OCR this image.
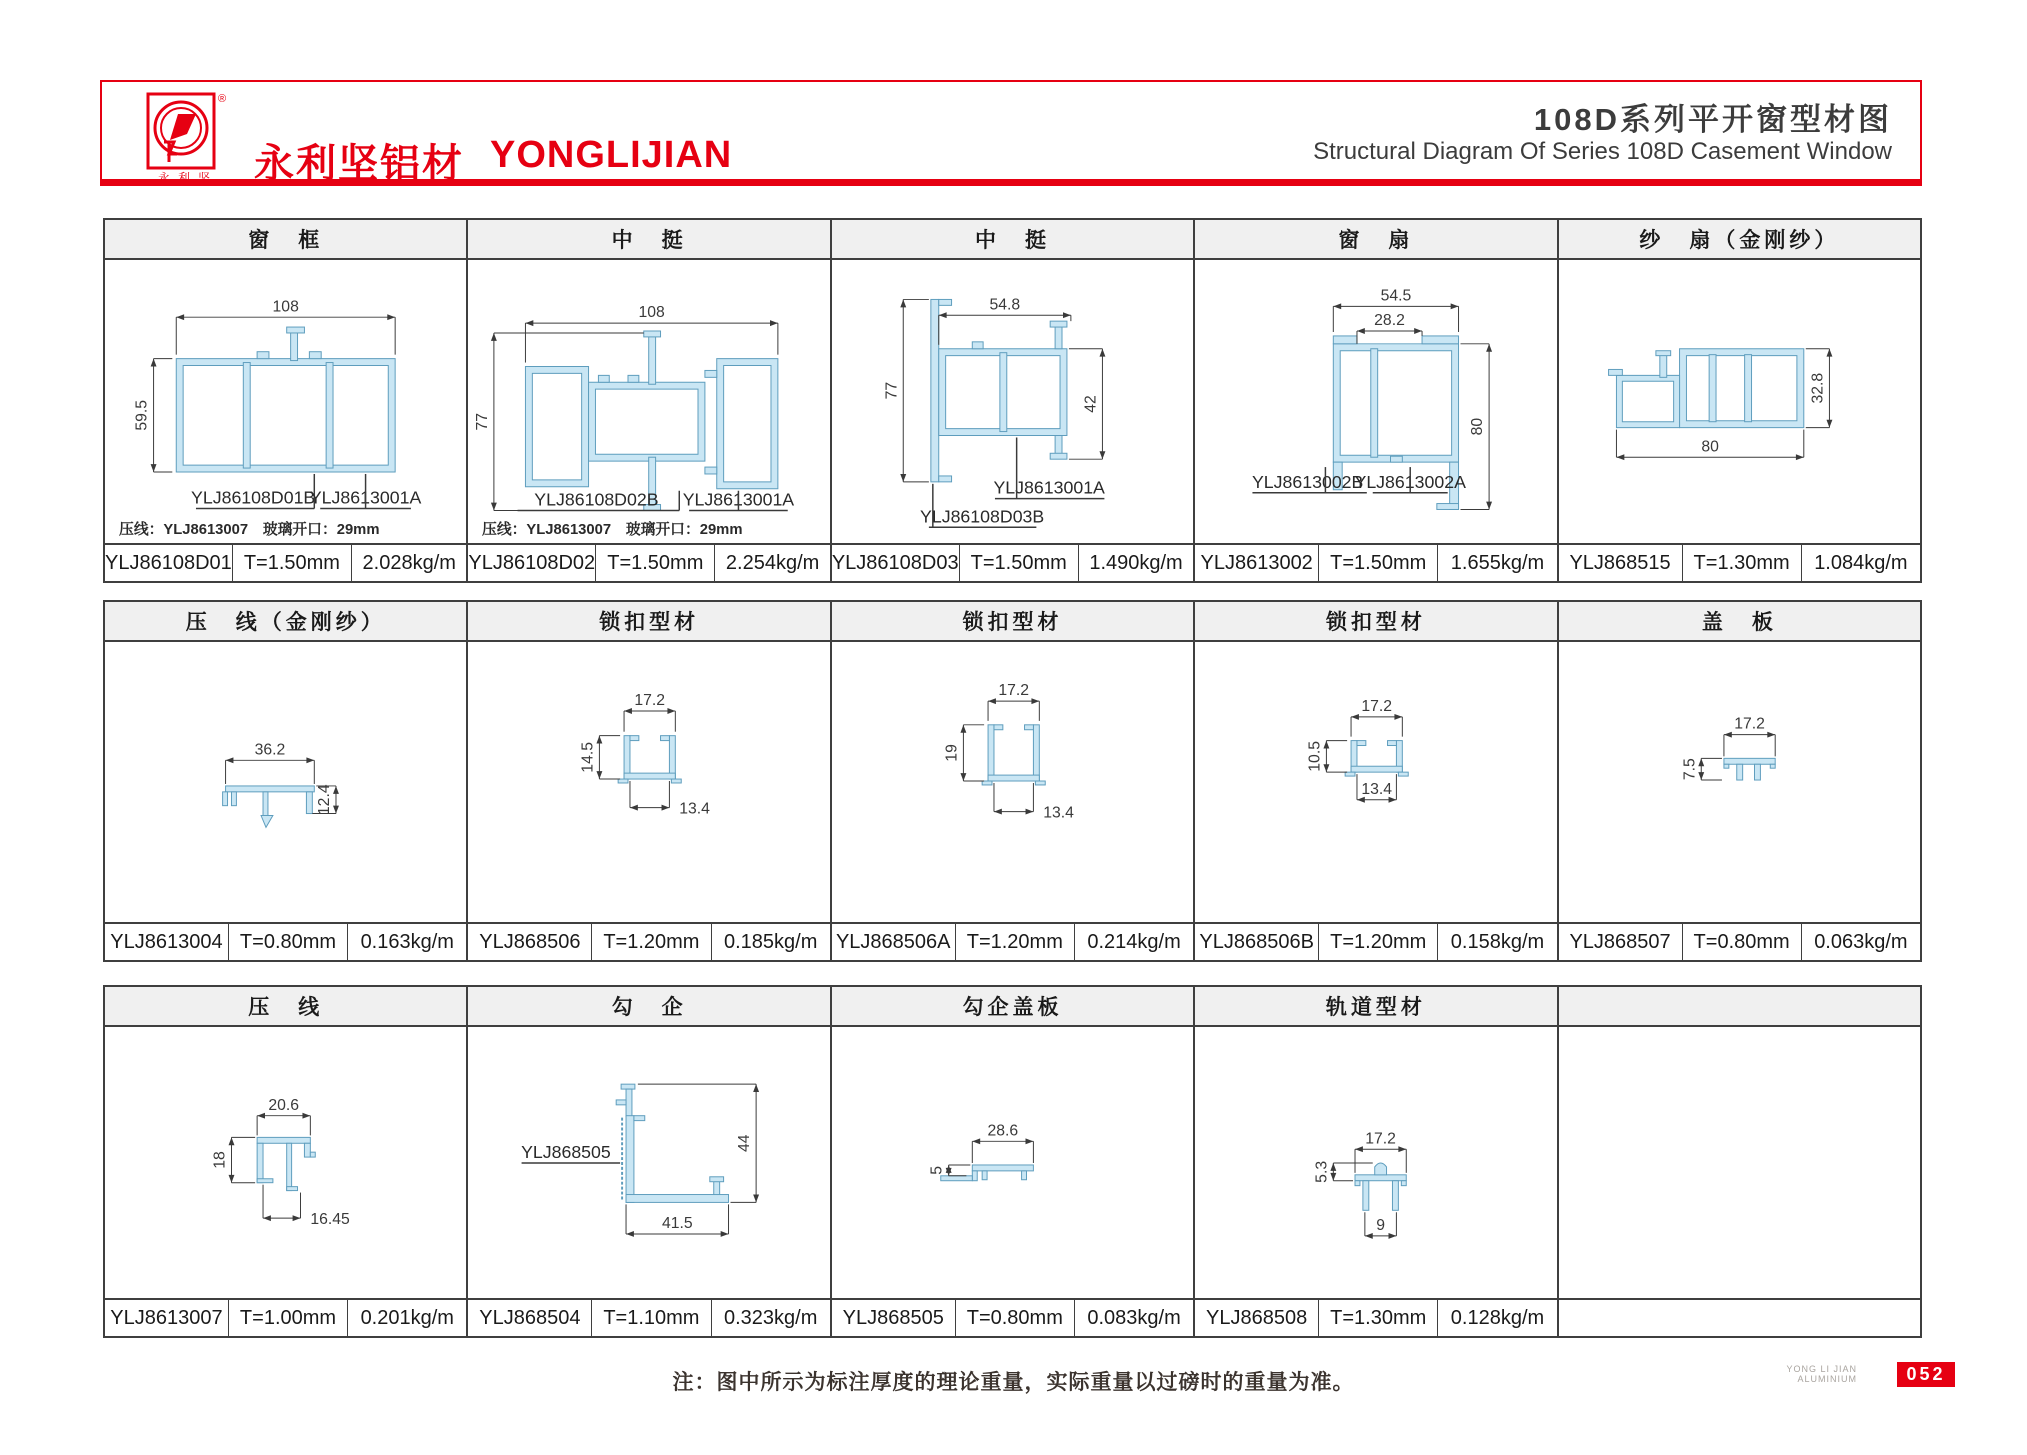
®
永利坚 永利坚铝材 YONGLIJIAN
108D系列平开窗型材图
Structural Diagram Of Series 108D Casement Window
窗　框
108
59.5
YLJ86108D01B
YLJ8613001A
压线：YLJ8613007　玻璃开口：29mm
YLJ86108D01 T=1.50mm	2.028kg/m
中　挺
108
77
YLJ86108D02B YLJ8613001A
压线：YLJ8613007　玻璃开口：29mm
YLJ86108D02 T=1.50mm	2.254kg/m
中　挺
54.8
77
42
YLJ8613001A
YLJ86108D03B
YLJ86108D03 T=1.50mm	1.490kg/m
窗　扇
54.5
28.2
80
YLJ8613002B
YLJ8613002A
YLJ8613002 T=1.50mm	1.655kg/m
纱　扇（金刚纱）
32.8
80
YLJ868515	T=1.30mm	1.084kg/m
压　线（金刚纱）
36.2
12.4
YLJ8613004 T=0.80mm	0.163kg/m
锁扣型材
17.2
14.5
13.4
YLJ868506	T=1.20mm	0.185kg/m
锁扣型材
17.2
19
13.4
YLJ868506A T=1.20mm	0.214kg/m
锁扣型材
17.2
10.5
13.4
YLJ868506B T=1.20mm	0.158kg/m
盖　板
17.2
7.5
YLJ868507	T=0.80mm	0.063kg/m
压　线
20.6
18
16.45
YLJ8613007 T=1.00mm	0.201kg/m
勾　企
44
41.5
YLJ868505
YLJ868504	T=1.10mm	0.323kg/m
勾企盖板
28.6
5
YLJ868505	T=0.80mm	0.083kg/m
轨道型材
17.2
5.3
9
YLJ868508	T=1.30mm	0.128kg/m
注：图中所示为标注厚度的理论重量，实际重量以过磅时的重量为准。
YONG LI JIAN
ALUMINIUM	052
